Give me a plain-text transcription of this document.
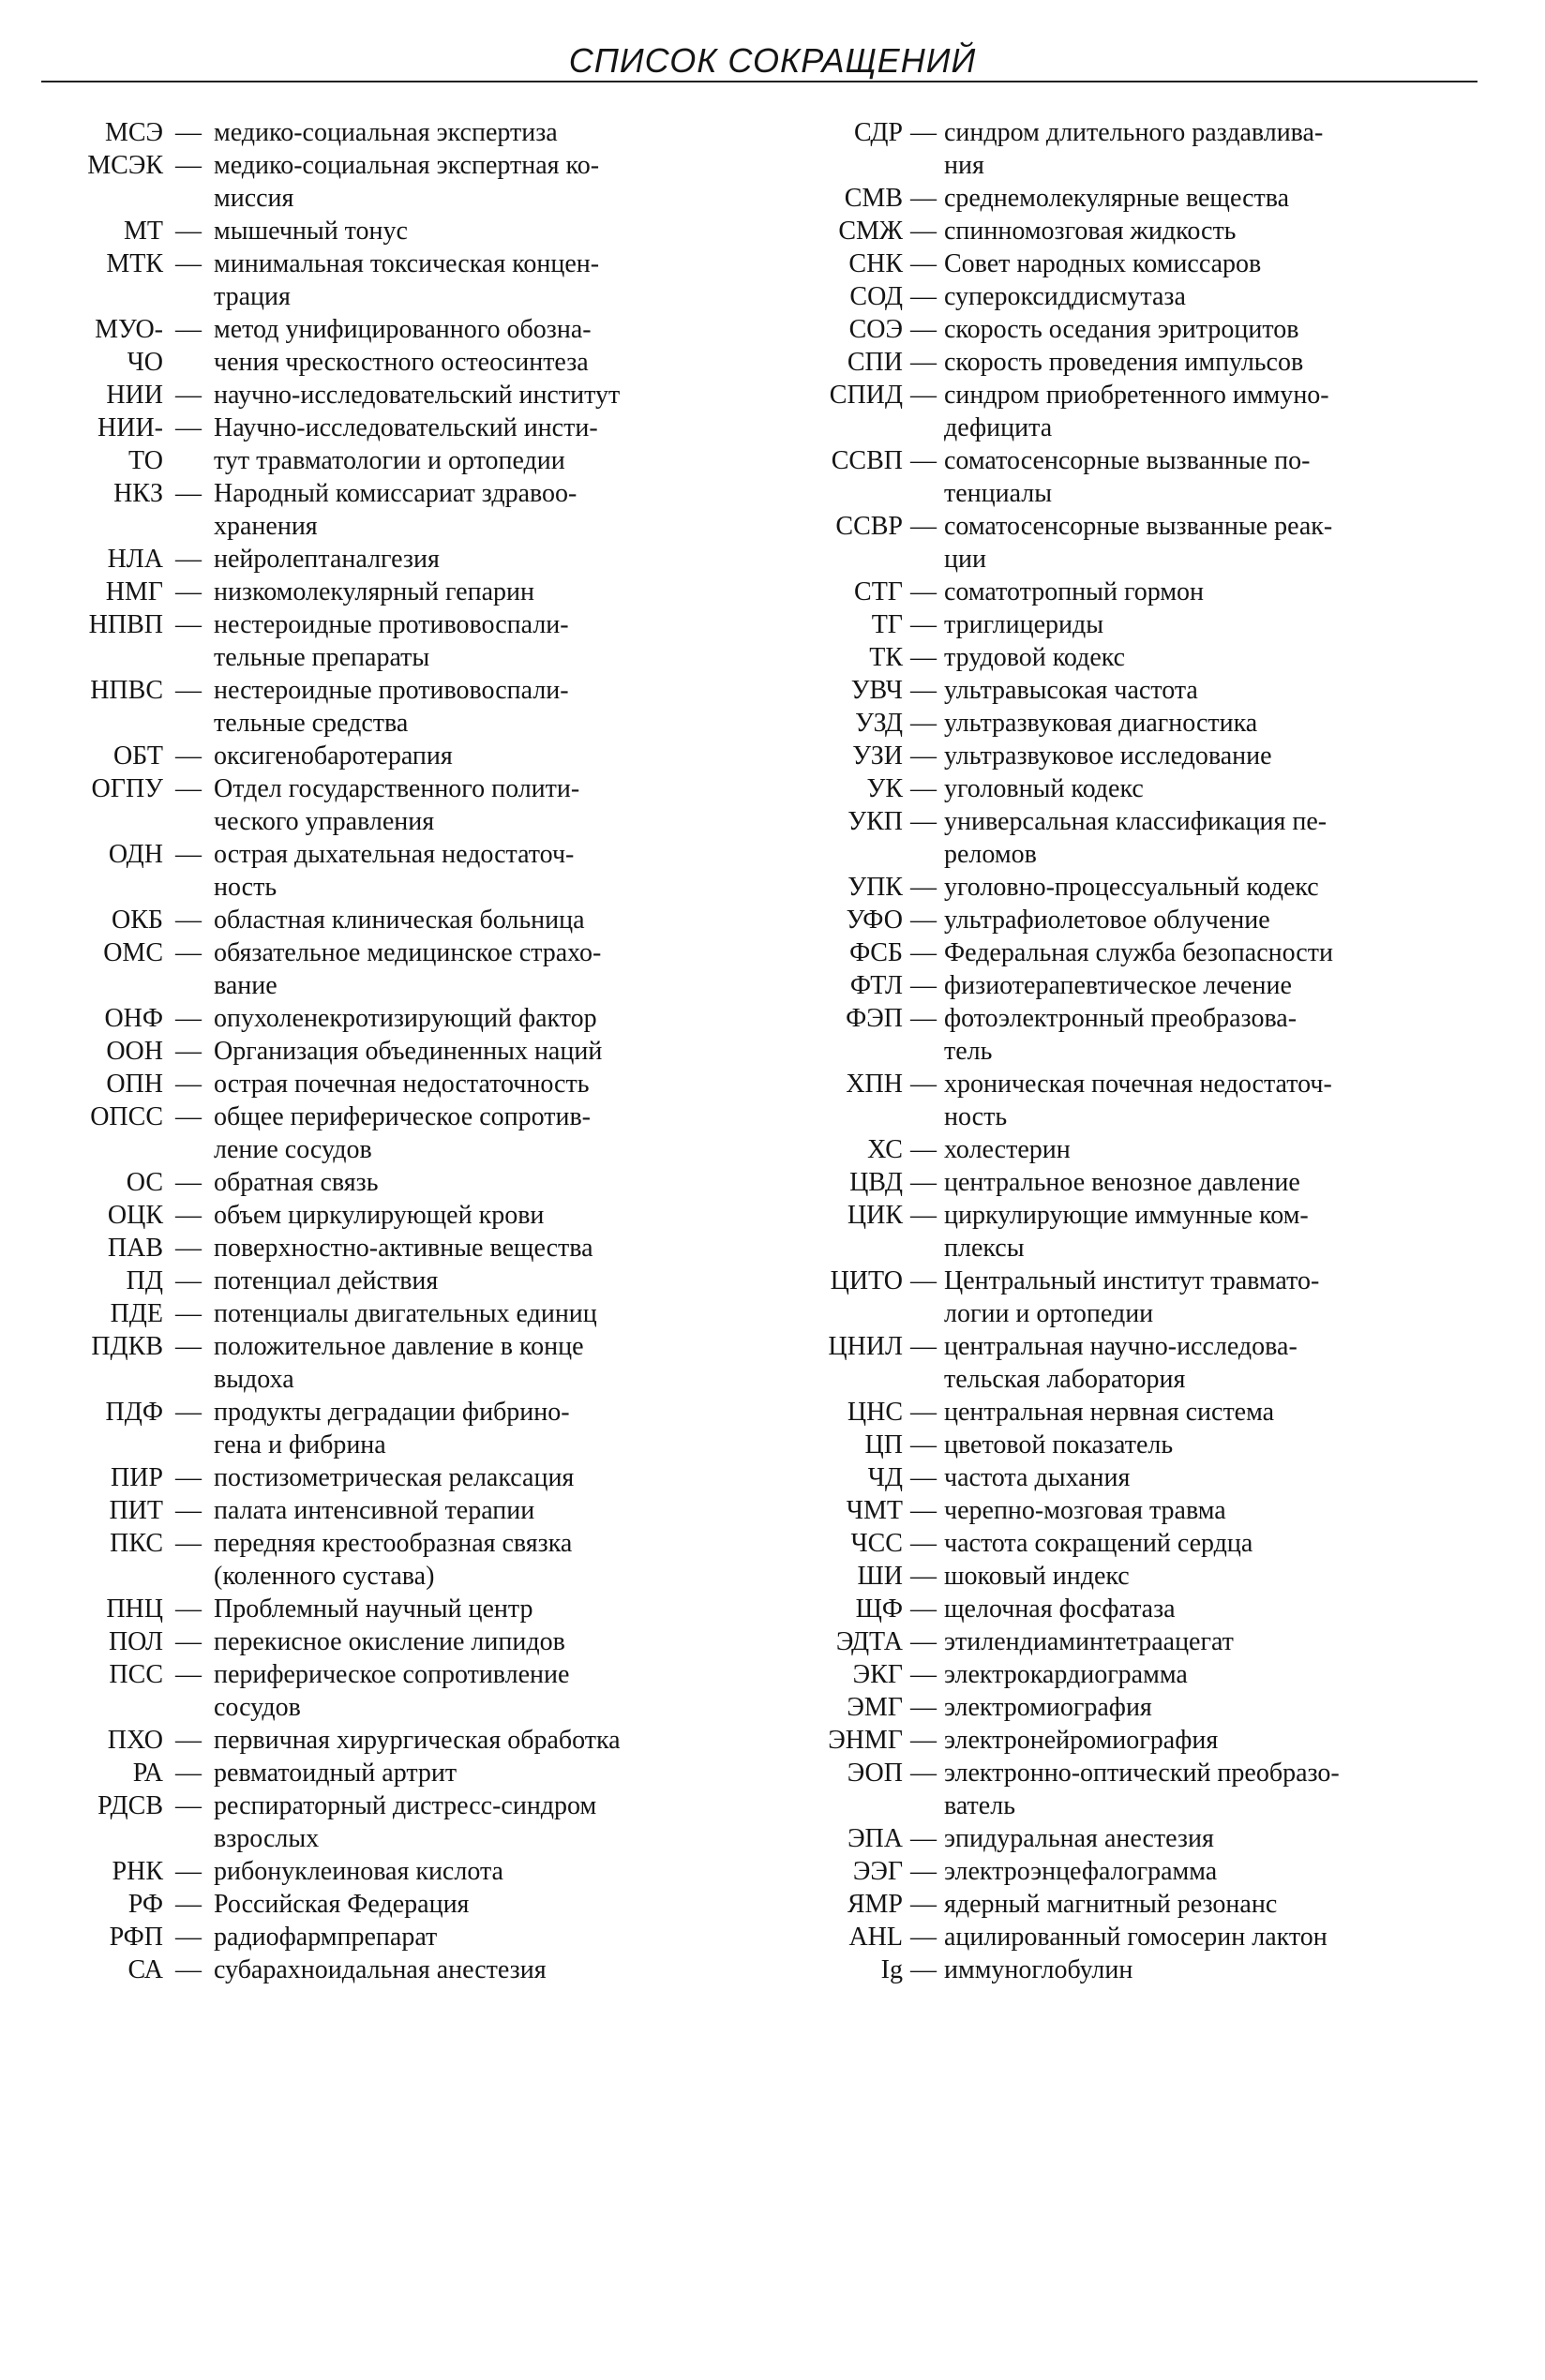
СПИСОК СОКРАЩЕНИЙ
МСЭ — медико-социальная экспертиза
МСЭК — медико-социальная экспертная ко-
миссия
МТ — мышечный тонус
МТК — минимальная токсическая концен-
трация
МУО-
ЧО
— метод унифицированного обозна-
чения чрескостного остеосинтеза
НИИ — научно-исследовательский институт
НИИ-
ТО
— Научно-исследовательский инсти-
тут травматологии и ортопедии
НКЗ — Народный комиссариат здравоо-
хранения
НЛА — нейролептаналгезия
НМГ — низкомолекулярный гепарин
НПВП — нестероидные противовоспали-
тельные препараты
НПВС — нестероидные противовоспали-
тельные средства
ОБТ — оксигенобаротерапия
ОГПУ — Отдел государственного полити-
ческого управления
ОДН — острая дыхательная недостаточ-
ность
ОКБ — областная клиническая больница
ОМС — обязательное медицинское страхо-
вание
ОНФ — опухоленекротизирующий фактор
ООН — Организация объединенных наций
ОПН — острая почечная недостаточность
ОПСС — общее периферическое сопротив-
ление сосудов
ОС — обратная связь
ОЦК — объем циркулирующей крови
ПАВ — поверхностно-активные вещества
ПД — потенциал действия
ПДЕ — потенциалы двигательных единиц
ПДКВ — положительное давление в конце
выдоха
ПДФ — продукты деградации фибрино-
гена и фибрина
ПИР — постизометрическая релаксация
ПИТ — палата интенсивной терапии
ПКС — передняя крестообразная связка
(коленного сустава)
ПНЦ — Проблемный научный центр
ПОЛ — перекисное окисление липидов
ПСС — периферическое сопротивление
сосудов
ПХО — первичная хирургическая обработка
РА — ревматоидный артрит
РДСВ — респираторный дистресс-синдром
взрослых
РНК — рибонуклеиновая кислота
РФ — Российская Федерация
РФП — радиофармпрепарат
СА — субарахноидальная анестезия
СДР — синдром длительного раздавлива-
ния
СМВ — среднемолекулярные вещества
СМЖ — спинномозговая жидкость
СНК — Совет народных комиссаров
СОД — супероксиддисмутаза
СОЭ — скорость оседания эритроцитов
СПИ — скорость проведения импульсов
СПИД — синдром приобретенного иммуно-
дефицита
ССВП — соматосенсорные вызванные по-
тенциалы
ССВР — соматосенсорные вызванные реак-
ции
СТГ — соматотропный гормон
ТГ — триглицериды
ТК — трудовой кодекс
УВЧ — ультравысокая частота
УЗД — ультразвуковая диагностика
УЗИ — ультразвуковое исследование
УК — уголовный кодекс
УКП — универсальная классификация пе-
реломов
УПК — уголовно-процессуальный кодекс
УФО — ультрафиолетовое облучение
ФСБ — Федеральная служба безопасности
ФТЛ — физиотерапевтическое лечение
ФЭП — фотоэлектронный преобразова-
тель
ХПН — хроническая почечная недостаточ-
ность
ХС — холестерин
ЦВД — центральное венозное давление
ЦИК — циркулирующие иммунные ком-
плексы
ЦИТО — Центральный институт травмато-
логии и ортопедии
ЦНИЛ — центральная научно-исследова-
тельская лаборатория
ЦНС — центральная нервная система
ЦП — цветовой показатель
ЧД — частота дыхания
ЧМТ — черепно-мозговая травма
ЧСС — частота сокращений сердца
ШИ — шоковый индекс
ЩФ — щелочная фосфатаза
ЭДТА — этилендиаминтетраацегат
ЭКГ — электрокардиограмма
ЭМГ — электромиография
ЭНМГ — электронейромиография
ЭОП — электронно-оптический преобразо-
ватель
ЭПА — эпидуральная анестезия
ЭЭГ — электроэнцефалограмма
ЯМР — ядерный магнитный резонанс
AHL — ацилированный гомосерин лактон
Ig — иммуноглобулин
